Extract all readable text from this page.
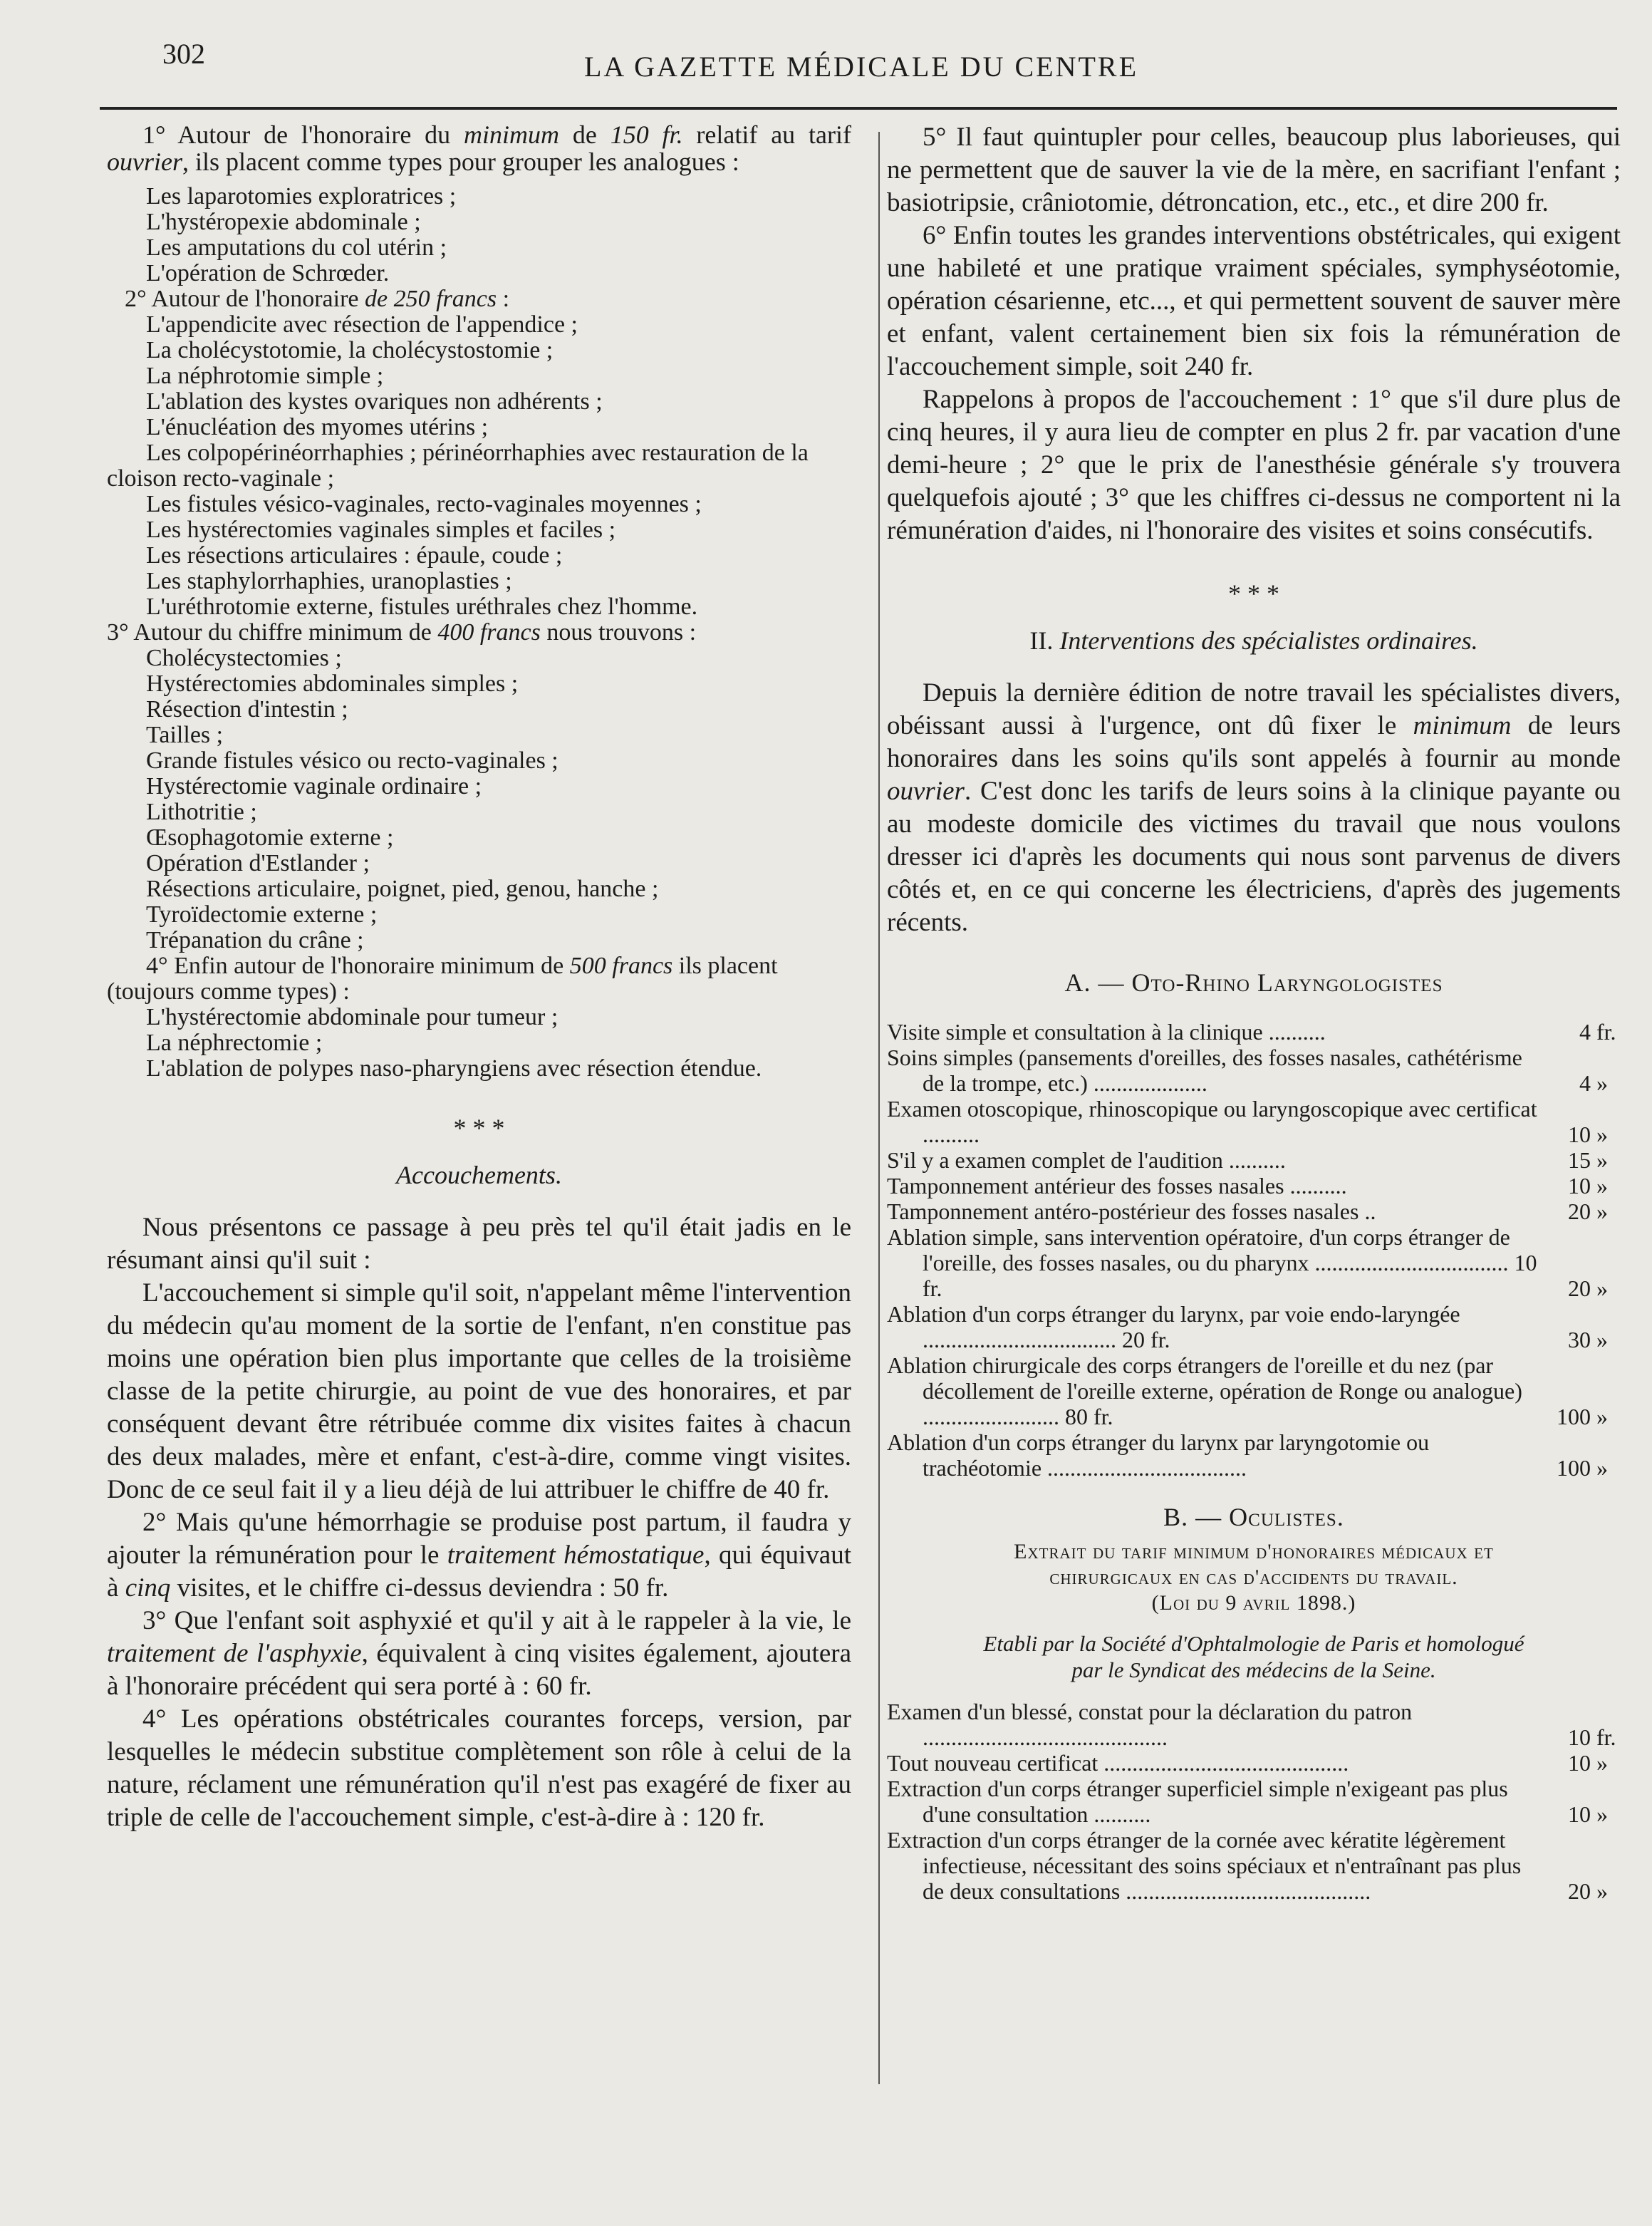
302	LA GAZETTE MÉDICALE DU CENTRE

1° Autour de l'honoraire du minimum de 150 fr. relatif au tarif ouvrier, ils placent comme types pour grouper les analogues :

Les laparotomies exploratrices ;

L'hystéropexie abdominale ;

Les amputations du col utérin ;

L'opération de Schrœder.

2° Autour de l'honoraire de 250 francs :

L'appendicite avec résection de l'appendice ;

La cholécystotomie, la cholécystostomie ;

La néphrotomie simple ;

L'ablation des kystes ovariques non adhérents ;

L'énucléation des myomes utérins ;

Les colpopérinéorrhaphies ; périnéorrhaphies avec restauration de la cloison recto-vaginale ;

Les fistules vésico-vaginales, recto-vaginales moyennes ;

Les hystérectomies vaginales simples et faciles ;

Les résections articulaires : épaule, coude ;

Les staphylorrhaphies, uranoplasties ;

L'uréthrotomie externe, fistules uréthrales chez l'homme.

3° Autour du chiffre minimum de 400 francs nous trouvons :

Cholécystectomies ;

Hystérectomies abdominales simples ;

Résection d'intestin ;

Tailles ;

Grande fistules vésico ou recto-vaginales ;

Hystérectomie vaginale ordinaire ;

Lithotritie ;

Œsophagotomie externe ;

Opération d'Estlander ;

Résections articulaire, poignet, pied, genou, hanche ;

Tyroïdectomie externe ;

Trépanation du crâne ;

4° Enfin autour de l'honoraire minimum de 500 francs ils placent (toujours comme types) :

L'hystérectomie abdominale pour tumeur ;

La néphrectomie ;

L'ablation de polypes naso-pharyngiens avec résection étendue.

* * *
Accouchements.

Nous présentons ce passage à peu près tel qu'il était jadis en le résumant ainsi qu'il suit :

L'accouchement si simple qu'il soit, n'appelant même l'intervention du médecin qu'au moment de la sortie de l'enfant, n'en constitue pas moins une opération bien plus importante que celles de la troisième classe de la petite chirurgie, au point de vue des honoraires, et par conséquent devant être rétribuée comme dix visites faites à chacun des deux malades, mère et enfant, c'est-à-dire, comme vingt visites. Donc de ce seul fait il y a lieu déjà de lui attribuer le chiffre de 40 fr.

2° Mais qu'une hémorrhagie se produise post partum, il faudra y ajouter la rémunération pour le traitement hémostatique, qui équivaut à cinq visites, et le chiffre ci-dessus deviendra : 50 fr.

3° Que l'enfant soit asphyxié et qu'il y ait à le rappeler à la vie, le traitement de l'asphyxie, équivalent à cinq visites également, ajoutera à l'honoraire précédent qui sera porté à : 60 fr.

4° Les opérations obstétricales courantes forceps, version, par lesquelles le médecin substitue complètement son rôle à celui de la nature, réclament une rémunération qu'il n'est pas exagéré de fixer au triple de celle de l'accouchement simple, c'est-à-dire à : 120 fr.

5° Il faut quintupler pour celles, beaucoup plus laborieuses, qui ne permettent que de sauver la vie de la mère, en sacrifiant l'enfant ; basiotripsie, crâniotomie, détroncation, etc., etc., et dire 200 fr.

6° Enfin toutes les grandes interventions obstétricales, qui exigent une habileté et une pratique vraiment spéciales, symphyséotomie, opération césarienne, etc..., et qui permettent souvent de sauver mère et enfant, valent certainement bien six fois la rémunération de l'accouchement simple, soit 240 fr.

Rappelons à propos de l'accouchement : 1° que s'il dure plus de cinq heures, il y aura lieu de compter en plus 2 fr. par vacation d'une demi-heure ; 2° que le prix de l'anesthésie générale s'y trouvera quelquefois ajouté ; 3° que les chiffres ci-dessus ne comportent ni la rémunération d'aides, ni l'honoraire des visites et soins consécutifs.

* * *
II. Interventions des spécialistes ordinaires.

Depuis la dernière édition de notre travail les spécialistes divers, obéissant aussi à l'urgence, ont dû fixer le minimum de leurs honoraires dans les soins qu'ils sont appelés à fournir au monde ouvrier. C'est donc les tarifs de leurs soins à la clinique payante ou au modeste domicile des victimes du travail que nous voulons dresser ici d'après les documents qui nous sont parvenus de divers côtés et, en ce qui concerne les électriciens, d'après des jugements récents.

A. — Oto-Rhino Laryngologistes
Visite simple et consultation à la clinique ..........	4 fr.
Soins simples (pansements d'oreilles, des fosses nasales, cathétérisme de la trompe, etc.) ....................	4 »
Examen otoscopique, rhinoscopique ou laryngoscopique avec certificat ..........	10 »
S'il y a examen complet de l'audition ..........	15 »
Tamponnement antérieur des fosses nasales ..........	10 »
Tamponnement antéro-postérieur des fosses nasales ..	20 »
Ablation simple, sans intervention opératoire, d'un corps étranger de l'oreille, des fosses nasales, ou du pharynx .................................. 10 fr.	20 »
Ablation d'un corps étranger du larynx, par voie endo-laryngée .................................. 20 fr.	30 »
Ablation chirurgicale des corps étrangers de l'oreille et du nez (par décollement de l'oreille externe, opération de Ronge ou analogue) ........................ 80 fr.	100 »
Ablation d'un corps étranger du larynx par laryngotomie ou trachéotomie ...................................	100 »
B. — Oculistes.
Extrait du tarif minimum d'honoraires médicaux et
chirurgicaux en cas d'accidents du travail.
(Loi du 9 avril 1898.)
Etabli par la Société d'Ophtalmologie de Paris et homologué
par le Syndicat des médecins de la Seine.
Examen d'un blessé, constat pour la déclaration du patron ...........................................	10 fr.
Tout nouveau certificat ...........................................	10 »
Extraction d'un corps étranger superficiel simple n'exigeant pas plus d'une consultation ..........	10 »
Extraction d'un corps étranger de la cornée avec kératite légèrement infectieuse, nécessitant des soins spéciaux et n'entraînant pas plus de deux consultations ...........................................	20 »
